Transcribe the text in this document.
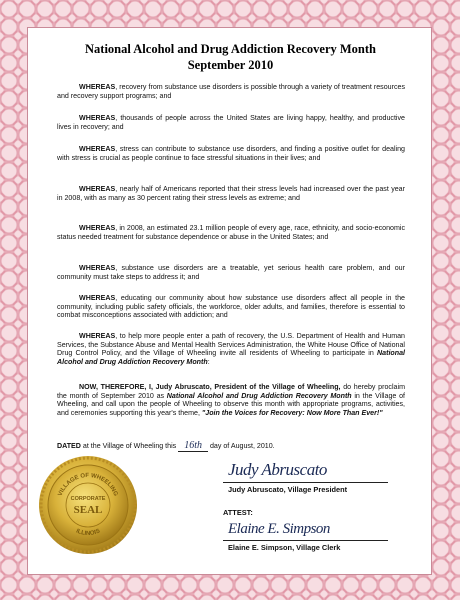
National Alcohol and Drug Addiction Recovery Month
September 2010

WHEREAS, recovery from substance use disorders is possible through a variety of treatment resources and recovery support programs; and

WHEREAS, thousands of people across the United States are living happy, healthy, and productive lives in recovery; and

WHEREAS, stress can contribute to substance use disorders, and finding a positive outlet for dealing with stress is crucial as people continue to face stressful situations in their lives; and

WHEREAS, nearly half of Americans reported that their stress levels had increased over the past year in 2008, with as many as 30 percent rating their stress levels as extreme; and

WHEREAS, in 2008, an estimated 23.1 million people of every age, race, ethnicity, and socio-economic status needed treatment for substance dependence or abuse in the United States; and

WHEREAS, substance use disorders are a treatable, yet serious health care problem, and our community must take steps to address it; and

WHEREAS, educating our community about how substance use disorders affect all people in the community, including public safety officials, the workforce, older adults, and families, therefore is essential to combat misconceptions associated with addiction; and

WHEREAS, to help more people enter a path of recovery, the U.S. Department of Health and Human Services, the Substance Abuse and Mental Health Services Administration, the White House Office of National Drug Control Policy, and the Village of Wheeling invite all residents of Wheeling to participate in National Alcohol and Drug Addiction Recovery Month:

NOW, THEREFORE, I, Judy Abruscato, President of the Village of Wheeling, do hereby proclaim the month of September 2010 as National Alcohol and Drug Addiction Recovery Month in the Village of Wheeling, and call upon the people of Wheeling to observe this month with appropriate programs, activities, and ceremonies supporting this year's theme, "Join the Voices for Recovery: Now More Than Ever!"

DATED at the Village of Wheeling this 16th day of August, 2010.

Judy Abruscato
Judy Abruscato, Village President
ATTEST:
Elaine E. Simpson
Elaine E. Simpson, Village Clerk
VILLAGE OF WHEELING
ILLINOIS
CORPORATE
SEAL
